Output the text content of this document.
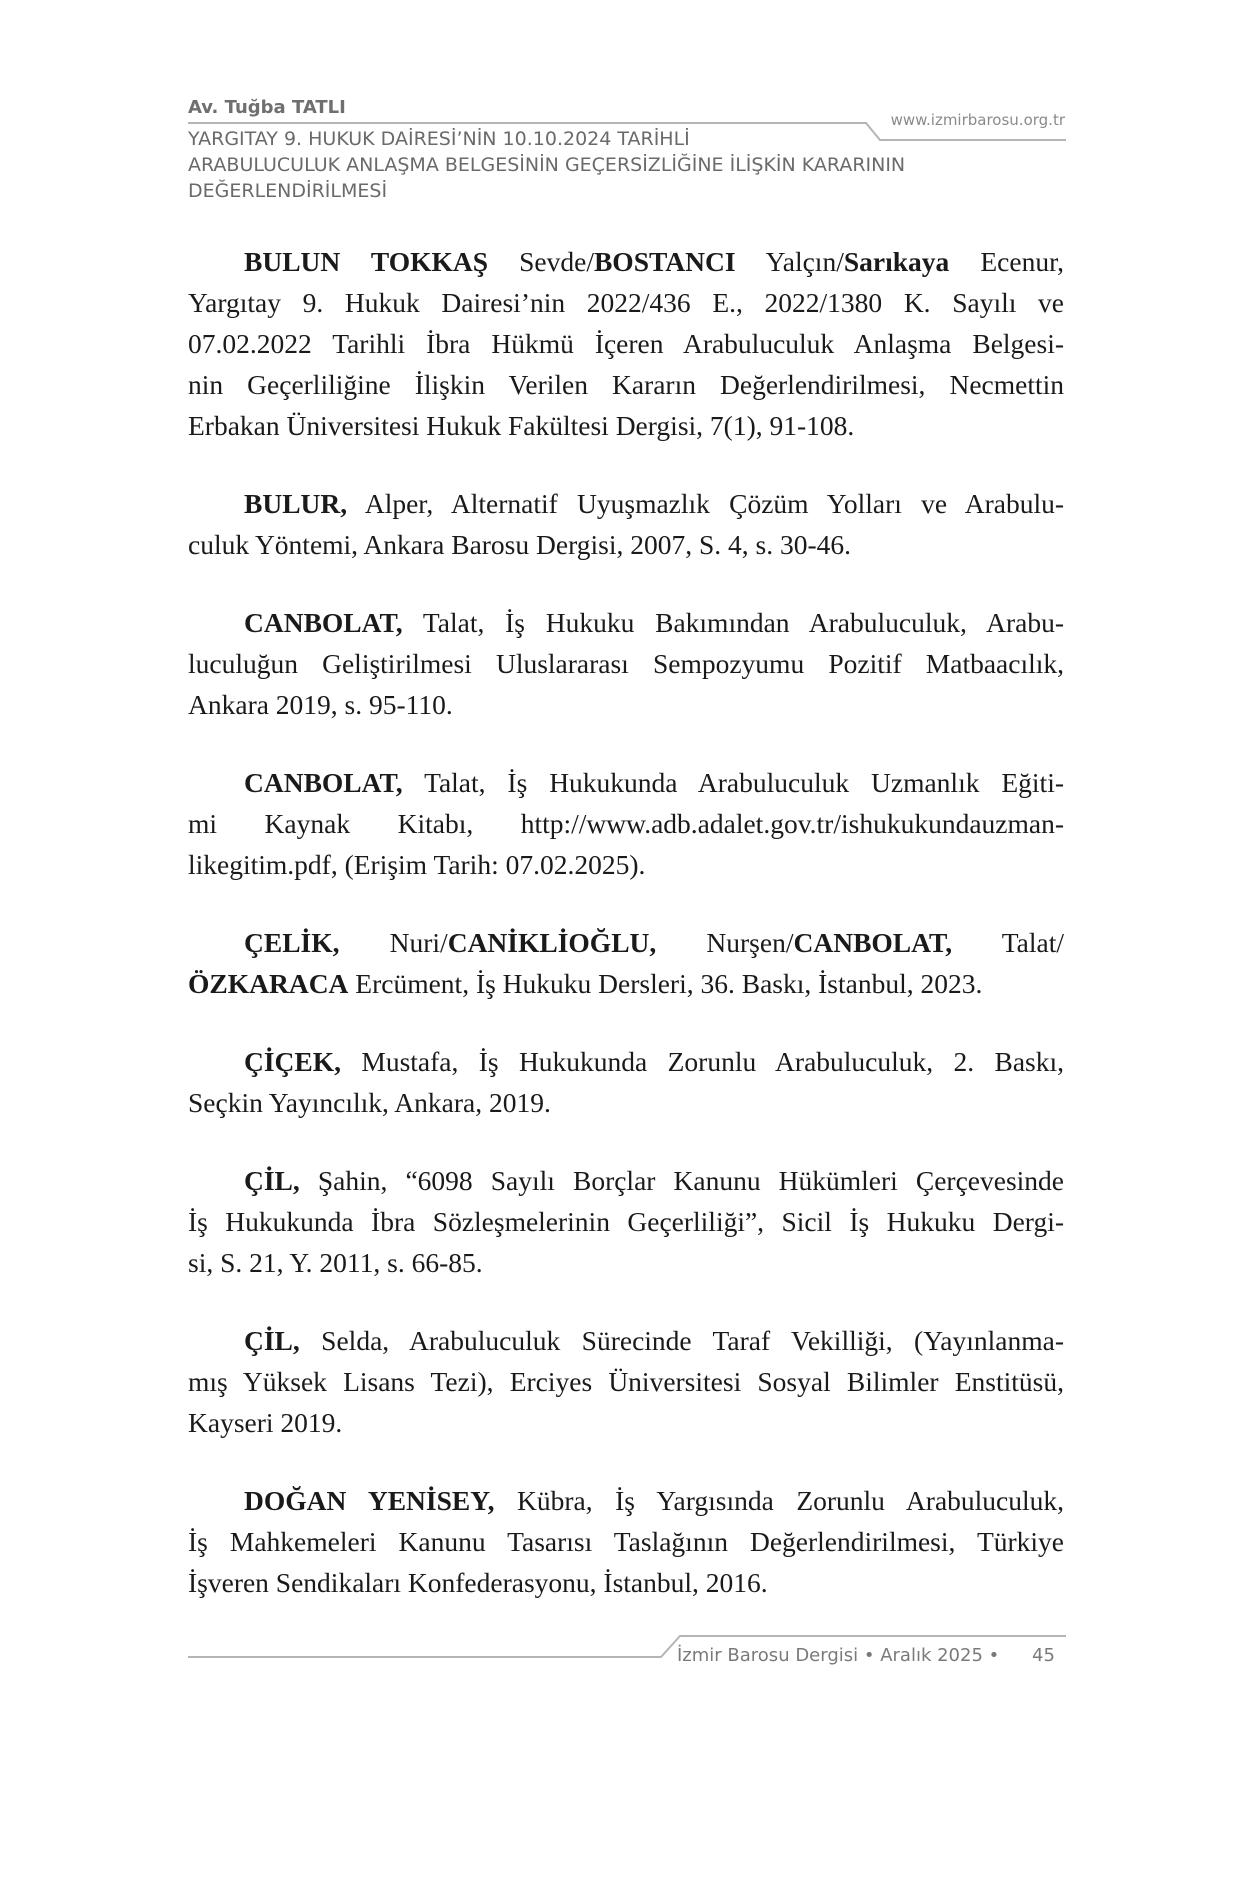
Av. Tuğba TATLI
www.izmirbarosu.org.tr
YARGITAY 9. HUKUK DAİRESİ’NİN 10.10.2024 TARİHLİ
ARABULUCULUK ANLAŞMA BELGESİNİN GEÇERSİZLİĞİNE İLİŞKİN KARARININ
DEĞERLENDİRİLMESİ
BULUN TOKKAŞ Sevde/BOSTANCI Yalçın/Sarıkaya Ecenur,
Yargıtay 9. Hukuk Dairesi’nin 2022/436 E., 2022/1380 K. Sayılı ve
07.02.2022 Tarihli İbra Hükmü İçeren Arabuluculuk Anlaşma Belgesi-
nin Geçerliliğine İlişkin Verilen Kararın Değerlendirilmesi, Necmettin
Erbakan Üniversitesi Hukuk Fakültesi Dergisi, 7(1), 91-108.
BULUR, Alper, Alternatif Uyuşmazlık Çözüm Yolları ve Arabulu-
culuk Yöntemi, Ankara Barosu Dergisi, 2007, S. 4, s. 30-46.
CANBOLAT, Talat, İş Hukuku Bakımından Arabuluculuk, Arabu-
luculuğun Geliştirilmesi Uluslararası Sempozyumu Pozitif Matbaacılık,
Ankara 2019, s. 95-110.
CANBOLAT, Talat, İş Hukukunda Arabuluculuk Uzmanlık Eğiti-
mi Kaynak Kitabı, http://www.adb.adalet.gov.tr/ishukukundauzman-
likegitim.pdf, (Erişim Tarih: 07.02.2025).
ÇELİK, Nuri/CANİKLİOĞLU, Nurşen/CANBOLAT, Talat/
ÖZKARACA Ercüment, İş Hukuku Dersleri, 36. Baskı, İstanbul, 2023.
ÇİÇEK, Mustafa, İş Hukukunda Zorunlu Arabuluculuk, 2. Baskı,
Seçkin Yayıncılık, Ankara, 2019.
ÇİL, Şahin, “6098 Sayılı Borçlar Kanunu Hükümleri Çerçevesinde
İş Hukukunda İbra Sözleşmelerinin Geçerliliği”, Sicil İş Hukuku Dergi-
si, S. 21, Y. 2011, s. 66-85.
ÇİL, Selda, Arabuluculuk Sürecinde Taraf Vekilliği, (Yayınlanma-
mış Yüksek Lisans Tezi), Erciyes Üniversitesi Sosyal Bilimler Enstitüsü,
Kayseri 2019.
DOĞAN YENİSEY, Kübra, İş Yargısında Zorunlu Arabuluculuk,
İş Mahkemeleri Kanunu Tasarısı Taslağının Değerlendirilmesi, Türkiye
İşveren Sendikaları Konfederasyonu, İstanbul, 2016.
İzmir Barosu Dergisi • Aralık 2025 • 45
